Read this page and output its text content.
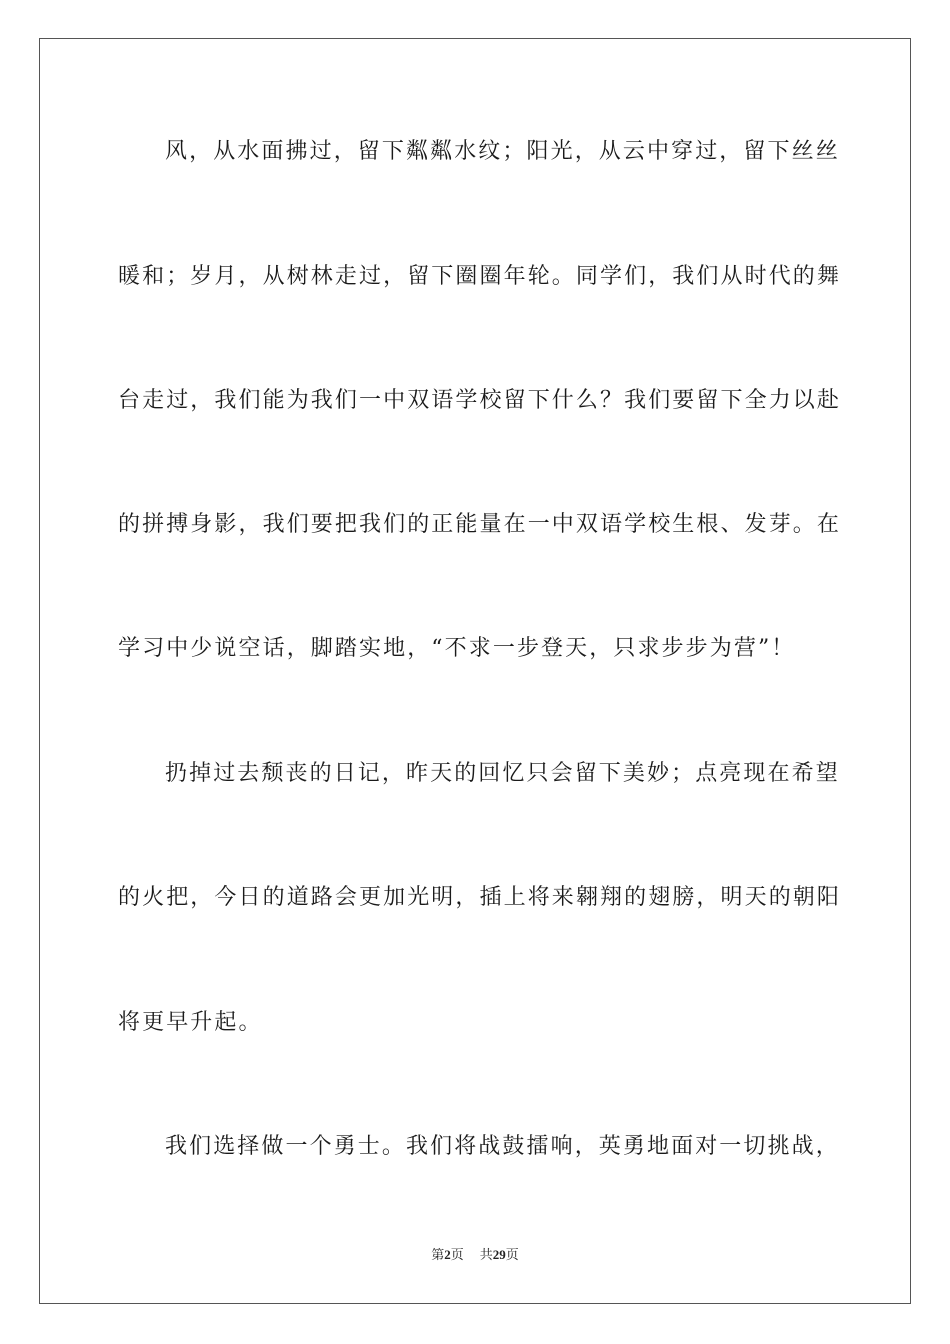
风，从水面拂过，留下粼粼水纹；阳光，从云中穿过，留下丝丝
暖和；岁月，从树林走过，留下圈圈年轮。同学们，我们从时代的舞
台走过，我们能为我们一中双语学校留下什么？我们要留下全力以赴
的拼搏身影，我们要把我们的正能量在一中双语学校生根、发芽。在
学习中少说空话，脚踏实地，“不求一步登天，只求步步为营”！
扔掉过去颓丧的日记，昨天的回忆只会留下美妙；点亮现在希望
的火把，今日的道路会更加光明，插上将来翱翔的翅膀，明天的朝阳
将更早升起。
我们选择做一个勇士。我们将战鼓擂响，英勇地面对一切挑战，
第2页 共29页
